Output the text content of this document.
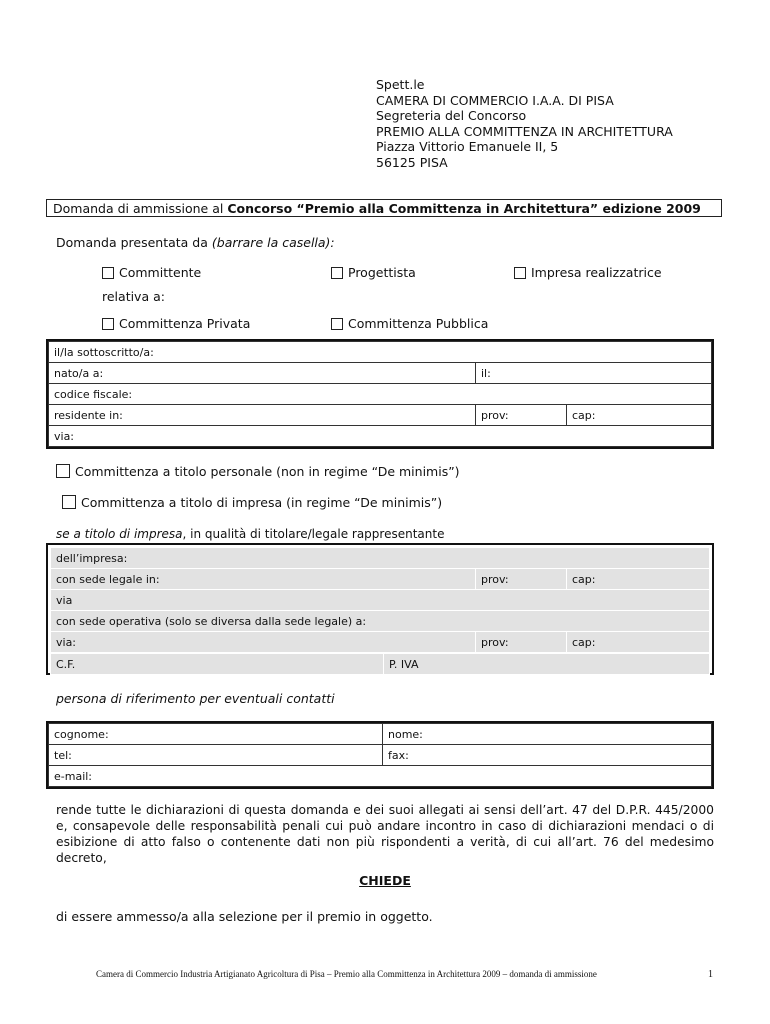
Spett.le
CAMERA DI COMMERCIO I.A.A. DI PISA
Segreteria del Concorso
PREMIO ALLA COMMITTENZA IN ARCHITETTURA
Piazza Vittorio Emanuele II, 5
56125 PISA
Domanda di ammissione al Concorso “Premio alla Committenza in Architettura” edizione 2009
Domanda presentata da (barrare la casella):
Committente	Progettista	Impresa realizzatrice
relativa a:
Committenza Privata	Committenza Pubblica
il/la sottoscritto/a:		
nato/a a:	il:	
codice fiscale:		
residente in:	prov:	cap:
via:		
Committenza a titolo personale (non in regime “De minimis”)
Committenza a titolo di impresa (in regime “De minimis”)
se a titolo di impresa, in qualità di titolare/legale rappresentante
dell’impresa:		
con sede legale in:	prov:	cap:
via		
con sede operativa (solo se diversa dalla sede legale) a:		
via:	prov:	cap:
C.F.	P. IVA
persona di riferimento per eventuali contatti
cognome:	nome:
tel:	fax:
e-mail:	
rende tutte le dichiarazioni di questa domanda e dei suoi allegati ai sensi dell’art. 47 del D.P.R. 445/2000 e, consapevole delle responsabilità penali cui può andare incontro in caso di dichiarazioni mendaci o di esibizione di atto falso o contenente dati non più rispondenti a verità, di cui all’art. 76 del medesimo decreto,
CHIEDE
di essere ammesso/a alla selezione per il premio in oggetto.
Camera di Commercio Industria Artigianato Agricoltura di Pisa – Premio alla Committenza in Architettura 2009 – domanda di ammissione	1
